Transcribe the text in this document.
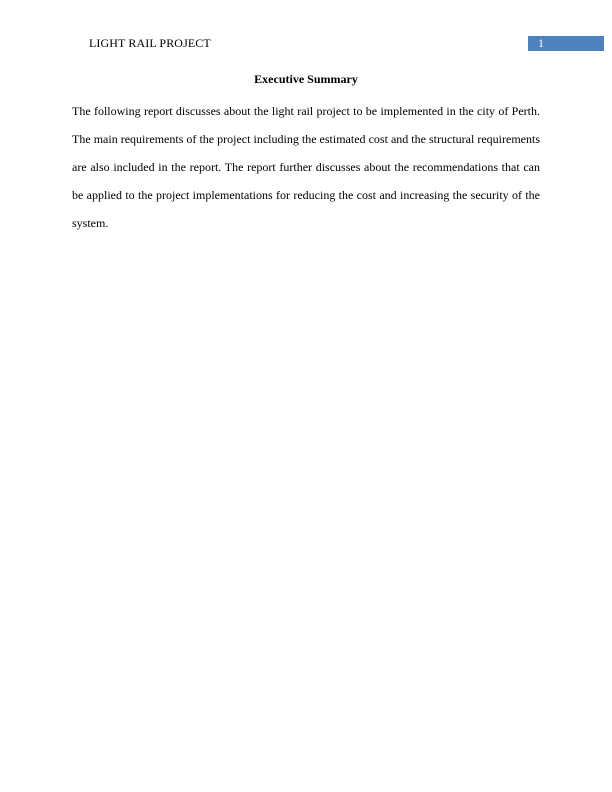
LIGHT RAIL PROJECT	1
Executive Summary

The following report discusses about the light rail project to be implemented in the city of Perth. The main requirements of the project including the estimated cost and the structural requirements are also included in the report. The report further discusses about the recommendations that can be applied to the project implementations for reducing the cost and increasing the security of the system.
